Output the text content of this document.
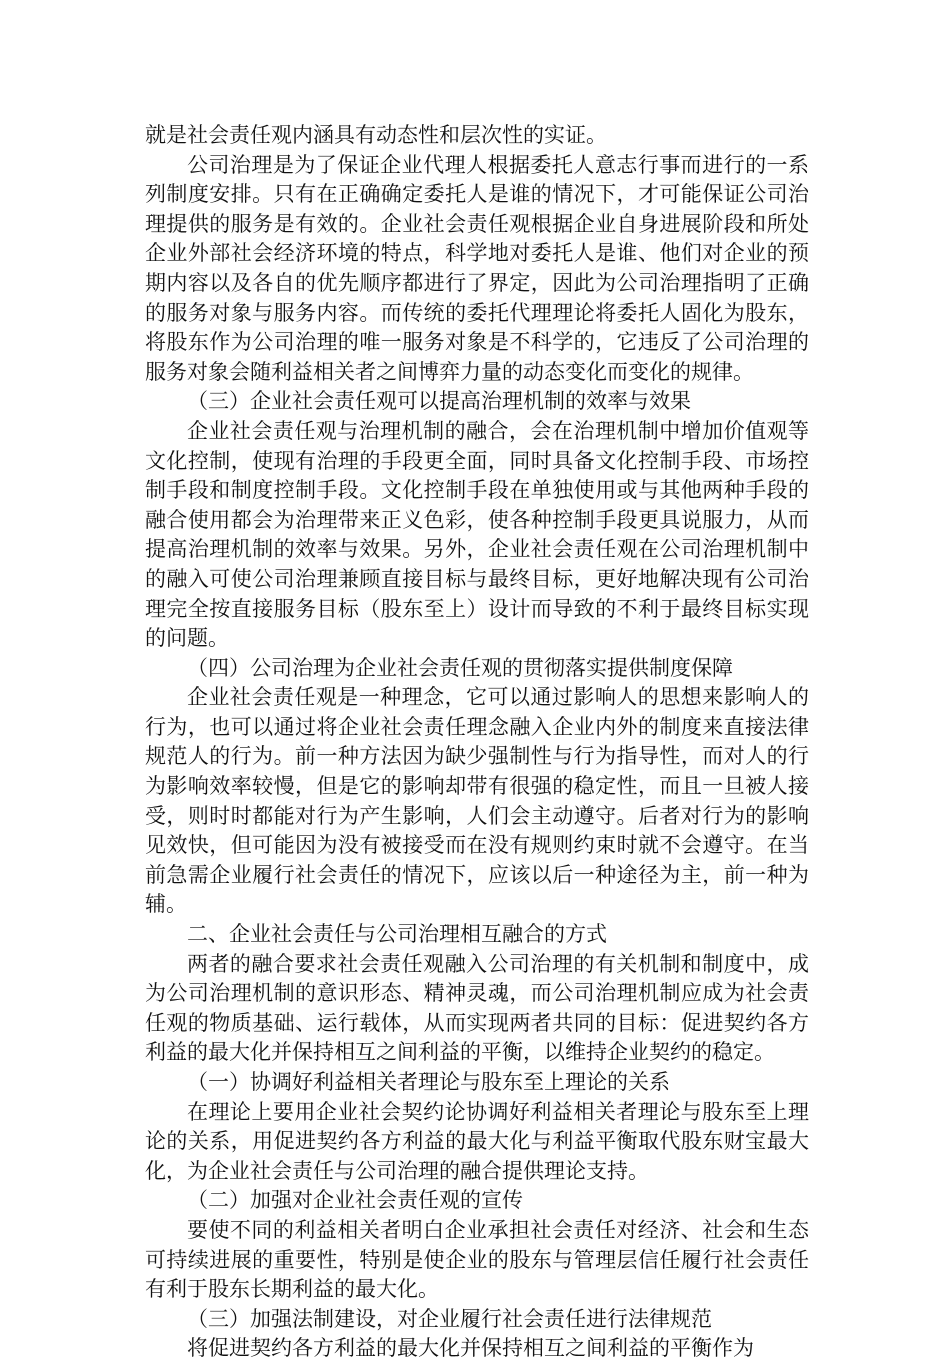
就是社会责任观内涵具有动态性和层次性的实证。

公司治理是为了保证企业代理人根据委托人意志行事而进行的一系列制度安排。只有在正确确定委托人是谁的情况下，才可能保证公司治理提供的服务是有效的。企业社会责任观根据企业自身进展阶段和所处企业外部社会经济环境的特点，科学地对委托人是谁、他们对企业的预期内容以及各自的优先顺序都进行了界定，因此为公司治理指明了正确的服务对象与服务内容。而传统的委托代理理论将委托人固化为股东，将股东作为公司治理的唯一服务对象是不科学的，它违反了公司治理的服务对象会随利益相关者之间博弈力量的动态变化而变化的规律。

（三）企业社会责任观可以提高治理机制的效率与效果

企业社会责任观与治理机制的融合，会在治理机制中增加价值观等文化控制，使现有治理的手段更全面，同时具备文化控制手段、市场控制手段和制度控制手段。文化控制手段在单独使用或与其他两种手段的融合使用都会为治理带来正义色彩，使各种控制手段更具说服力，从而提高治理机制的效率与效果。另外，企业社会责任观在公司治理机制中的融入可使公司治理兼顾直接目标与最终目标，更好地解决现有公司治理完全按直接服务目标（股东至上）设计而导致的不利于最终目标实现的问题。

（四）公司治理为企业社会责任观的贯彻落实提供制度保障

企业社会责任观是一种理念，它可以通过影响人的思想来影响人的行为，也可以通过将企业社会责任理念融入企业内外的制度来直接法律规范人的行为。前一种方法因为缺少强制性与行为指导性，而对人的行为影响效率较慢，但是它的影响却带有很强的稳定性，而且一旦被人接受，则时时都能对行为产生影响，人们会主动遵守。后者对行为的影响见效快，但可能因为没有被接受而在没有规则约束时就不会遵守。在当前急需企业履行社会责任的情况下，应该以后一种途径为主，前一种为辅。

二、企业社会责任与公司治理相互融合的方式

两者的融合要求社会责任观融入公司治理的有关机制和制度中，成为公司治理机制的意识形态、精神灵魂，而公司治理机制应成为社会责任观的物质基础、运行载体，从而实现两者共同的目标：促进契约各方利益的最大化并保持相互之间利益的平衡，以维持企业契约的稳定。

（一）协调好利益相关者理论与股东至上理论的关系

在理论上要用企业社会契约论协调好利益相关者理论与股东至上理论的关系，用促进契约各方利益的最大化与利益平衡取代股东财宝最大化，为企业社会责任与公司治理的融合提供理论支持。

（二）加强对企业社会责任观的宣传

要使不同的利益相关者明白企业承担社会责任对经济、社会和生态可持续进展的重要性，特别是使企业的股东与管理层信任履行社会责任有利于股东长期利益的最大化。

（三）加强法制建设，对企业履行社会责任进行法律规范

将促进契约各方利益的最大化并保持相互之间利益的平衡作为
